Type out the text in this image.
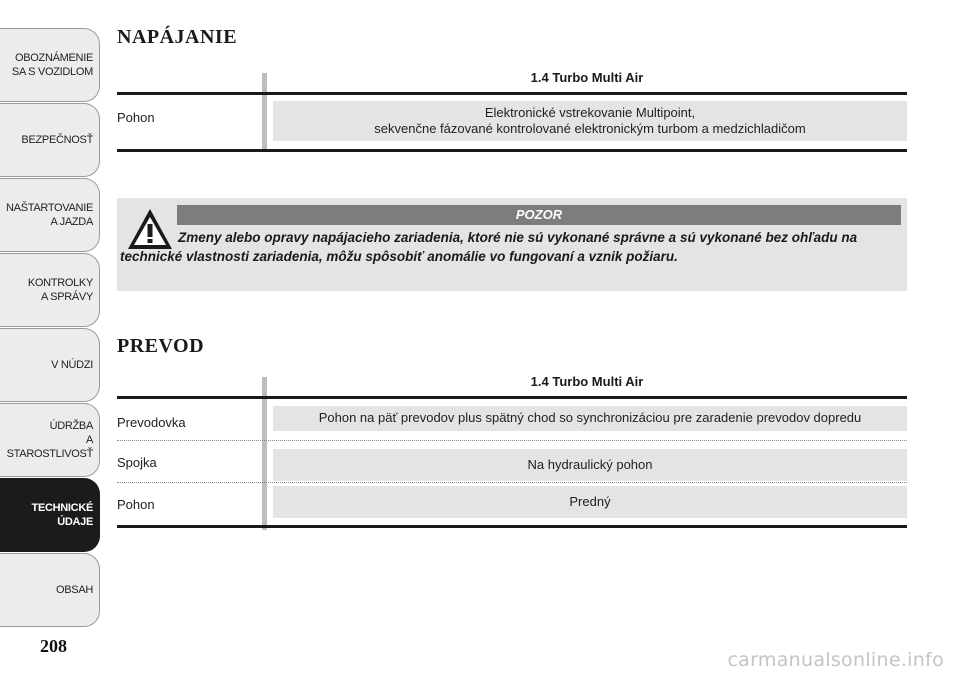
OBOZNÁMENIE
SA S VOZIDLOM
BEZPEČNOSŤ
NAŠTARTOVANIE
A JAZDA
KONTROLKY
A SPRÁVY
V NÚDZI
ÚDRŽBA
A STAROSTLIVOSŤ
TECHNICKÉ
ÚDAJE
OBSAH
208
NAPÁJANIE
1.4 Turbo Multi Air
Pohon	Elektronické vstrekovanie Multipoint,
sekvenčne fázované kontrolované elektronickým turbom a medzichladičom
POZOR
Zmeny alebo opravy napájacieho zariadenia, ktoré nie sú vykonané správne a sú vykonané bez ohľadu na technické vlastnosti zariadenia, môžu spôsobiť anomálie vo fungovaní a vznik požiaru.
PREVOD
1.4 Turbo Multi Air
Prevodovka	Pohon na päť prevodov plus spätný chod so synchronizáciou pre zaradenie prevodov dopredu
Spojka	Na hydraulický pohon
Pohon	Predný
carmanualsonline.info
